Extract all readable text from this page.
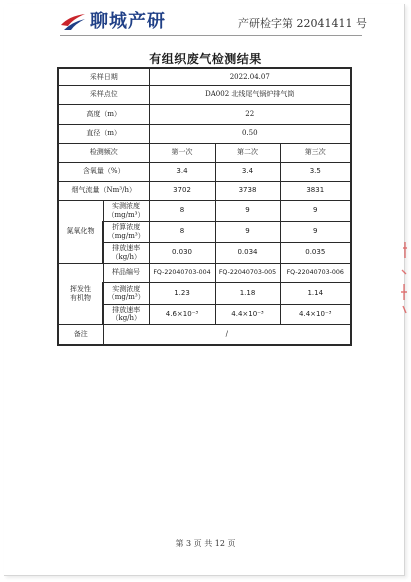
聊城产研	产研检字第 22041411 号
有组织废气检测结果
采样日期		2022.04.07		
采样点位		DA002 北线尾气锅炉排气筒		
高度（m）		22		
直径（m）		0.50		
检测频次		第一次	第二次	第三次
含氧量（%）		3.4	3.4	3.5
烟气流量（Nm³/h）		3702	3738	3831
氮氧化物	实测浓度（mg/m³）	8	9	9
	折算浓度（mg/m³）	8	9	9
	排放速率（kg/h）	0.030	0.034	0.035
挥发性
有机物	样品编号	FQ-22040703-004	FQ-22040703-005	FQ-22040703-006
	实测浓度（mg/m³）	1.23	1.18	1.14
	排放速率（kg/h）	4.6×10⁻³	4.4×10⁻³	4.4×10⁻³
备注	/			
第 3 页 共 12 页
